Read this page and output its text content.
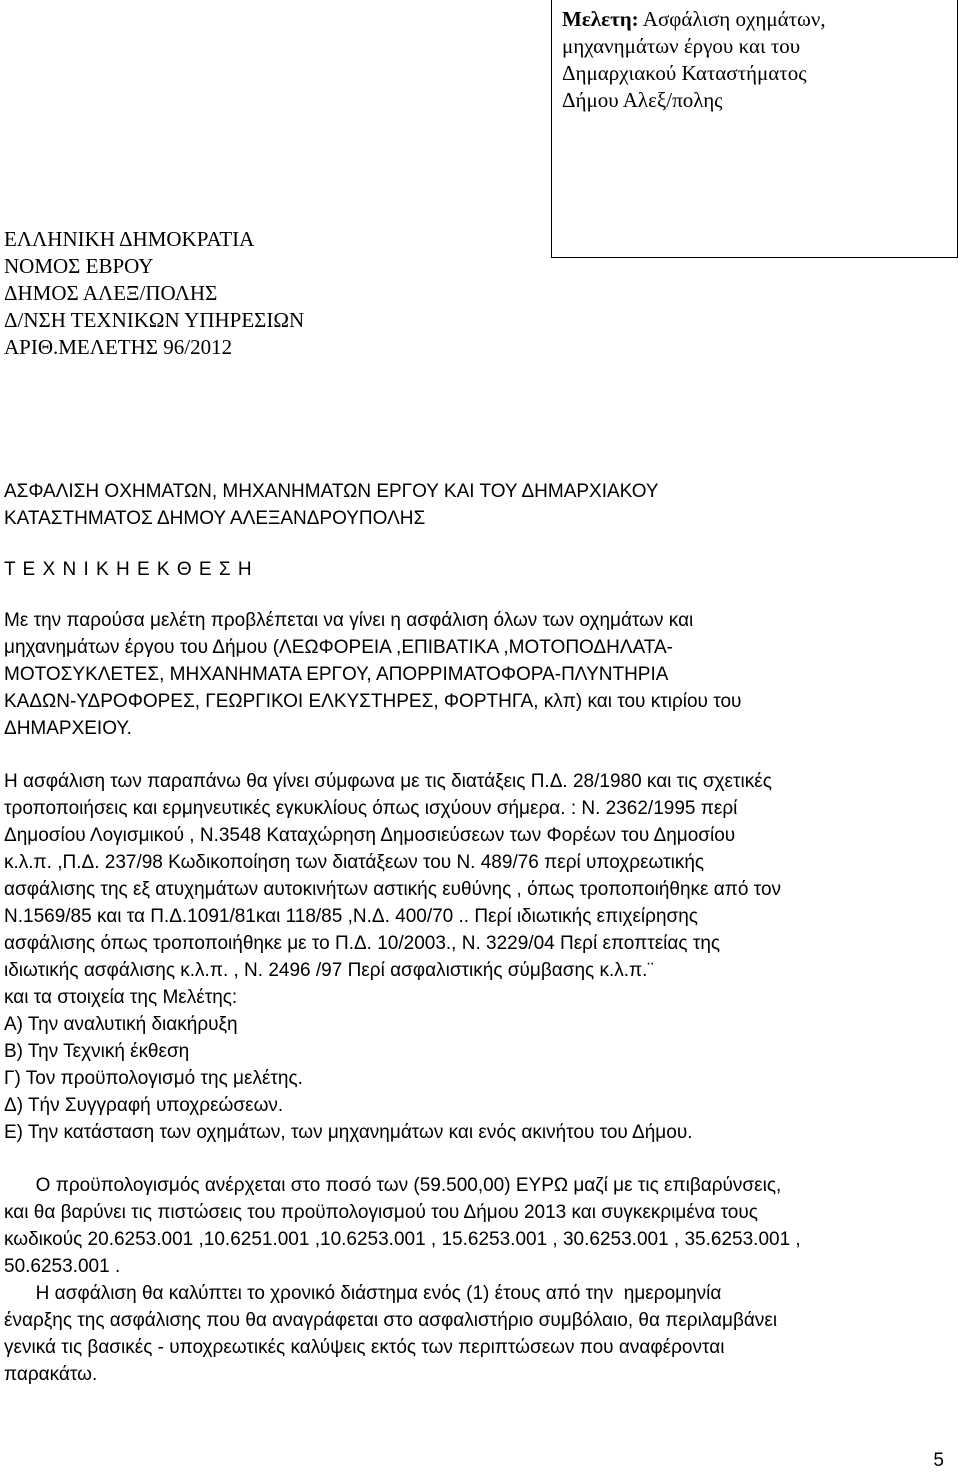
Μελετη: Ασφάλιση οχημάτων,
μηχανημάτων έργου και του
Δημαρχιακού Καταστήματος
Δήμου Αλεξ/πολης
ΕΛΛΗΝΙΚΗ ΔΗΜΟΚΡΑΤΙΑ
ΝΟΜΟΣ ΕΒΡΟΥ
ΔΗΜΟΣ ΑΛΕΞ/ΠΟΛΗΣ
Δ/ΝΣΗ ΤΕΧΝΙΚΩΝ ΥΠΗΡΕΣΙΩΝ
ΑΡΙΘ.ΜΕΛΕΤΗΣ 96/2012
ΑΣΦΑΛΙΣΗ ΟΧΗΜΑΤΩΝ, ΜΗΧΑΝΗΜΑΤΩΝ ΕΡΓΟΥ ΚΑΙ ΤΟΥ ΔΗΜΑΡΧΙΑΚΟΥ
ΚΑΤΑΣΤΗΜΑΤΟΣ ΔΗΜΟΥ ΑΛΕΞΑΝΔΡΟΥΠΟΛΗΣ
Τ Ε Χ Ν Ι Κ Η Ε Κ Θ Ε Σ Η
Με την παρούσα μελέτη προβλέπεται να γίνει η ασφάλιση όλων των οχημάτων και
μηχανημάτων έργου του Δήμου (ΛΕΩΦΟΡΕΙΑ ,ΕΠΙΒΑΤΙΚΑ ,ΜΟΤΟΠΟΔΗΛΑΤΑ-
ΜΟΤΟΣΥΚΛΕΤΕΣ, ΜΗΧΑΝΗΜΑΤΑ ΕΡΓΟΥ, ΑΠΟΡΡΙΜΑΤΟΦΟΡΑ-ΠΛΥΝΤΗΡΙΑ
ΚΑΔΩΝ-ΥΔΡΟΦΟΡΕΣ, ΓΕΩΡΓΙΚΟΙ ΕΛΚΥΣΤΗΡΕΣ, ΦΟΡΤΗΓΑ, κλπ) και του κτιρίου του
ΔΗΜΑΡΧΕΙΟΥ.
Η ασφάλιση των παραπάνω θα γίνει σύμφωνα με τις διατάξεις Π.Δ. 28/1980 και τις σχετικές
τροποποιήσεις και ερμηνευτικές εγκυκλίους όπως ισχύουν σήμερα. : Ν. 2362/1995 περί
Δημοσίου Λογισμικού , Ν.3548 Καταχώρηση Δημοσιεύσεων των Φορέων του Δημοσίου
κ.λ.π. ,Π.Δ. 237/98 Κωδικοποίηση των διατάξεων του Ν. 489/76 περί υποχρεωτικής
ασφάλισης της εξ ατυχημάτων αυτοκινήτων αστικής ευθύνης , όπως τροποποιήθηκε από τον
Ν.1569/85 και τα Π.Δ.1091/81και 118/85 ,Ν.Δ. 400/70 .. Περί ιδιωτικής επιχείρησης
ασφάλισης όπως τροποποιήθηκε με το Π.Δ. 10/2003., Ν. 3229/04 Περί εποπτείας της
ιδιωτικής ασφάλισης κ.λ.π. , Ν. 2496 /97 Περί ασφαλιστικής σύμβασης κ.λ.π.¨
και τα στοιχεία της Μελέτης:
Α) Την αναλυτική διακήρυξη
Β) Την Τεχνική έκθεση
Γ) Τον προϋπολογισμό της μελέτης.
Δ) Τήν Συγγραφή υποχρεώσεων.
Ε) Την κατάσταση των οχημάτων, των μηχανημάτων και ενός ακινήτου του Δήμου.
Ο προϋπολογισμός ανέρχεται στο ποσό των (59.500,00) ΕΥΡΩ μαζί με τις επιβαρύνσεις,
και θα βαρύνει τις πιστώσεις του προϋπολογισμού του Δήμου 2013 και συγκεκριμένα τους
κωδικούς 20.6253.001 ,10.6251.001 ,10.6253.001 , 15.6253.001 , 30.6253.001 , 35.6253.001 ,
50.6253.001 .
Η ασφάλιση θα καλύπτει το χρονικό διάστημα ενός (1) έτους από την  ημερομηνία
έναρξης της ασφάλισης που θα αναγράφεται στο ασφαλιστήριο συμβόλαιο, θα περιλαμβάνει
γενικά τις βασικές - υποχρεωτικές καλύψεις εκτός των περιπτώσεων που αναφέρονται
παρακάτω.
5
